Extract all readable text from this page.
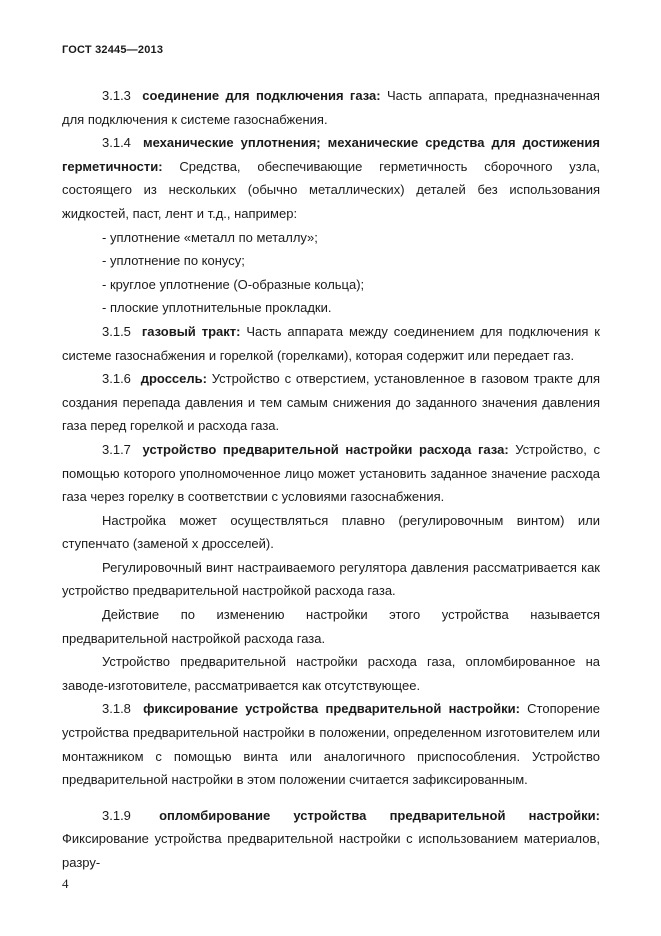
ГОСТ 32445—2013

3.1.3 соединение для подключения газа: Часть аппарата, предназначенная для подключения к системе газоснабжения.

3.1.4 механические уплотнения; механические средства для достижения герметичности: Средства, обеспечивающие герметичность сборочного узла, состоящего из нескольких (обычно металлических) деталей без использования жидкостей, паст, лент и т.д., например:

- уплотнение «металл по металлу»;

- уплотнение по конусу;

- круглое уплотнение (О-образные кольца);

- плоские уплотнительные прокладки.

3.1.5 газовый тракт: Часть аппарата между соединением для подключения к системе газоснабжения и горелкой (горелками), которая содержит или передает газ.

3.1.6 дроссель: Устройство с отверстием, установленное в газовом тракте для создания перепада давления и тем самым снижения до заданного значения давления газа перед горелкой и расхода газа.

3.1.7 устройство предварительной настройки расхода газа: Устройство, с помощью которого уполномоченное лицо может установить заданное значение расхода газа через горелку в соответствии с условиями газоснабжения.

Настройка может осуществляться плавно (регулировочным винтом) или ступенчато (заменой х дросселей).

Регулировочный винт настраиваемого регулятора давления рассматривается как устройство предварительной настройкой расхода газа.

Действие по изменению настройки этого устройства называется предварительной настройкой расхода газа.

Устройство предварительной настройки расхода газа, опломбированное на заводе-изготовителе, рассматривается как отсутствующее.

3.1.8 фиксирование устройства предварительной настройки: Стопорение устройства предварительной настройки в положении, определенном изготовителем или монтажником с помощью винта или аналогичного приспособления. Устройство предварительной настройки в этом положении считается зафиксированным.

3.1.9 опломбирование устройства предварительной настройки: Фиксирование устройства предварительной настройки с использованием материалов, разру-

4
